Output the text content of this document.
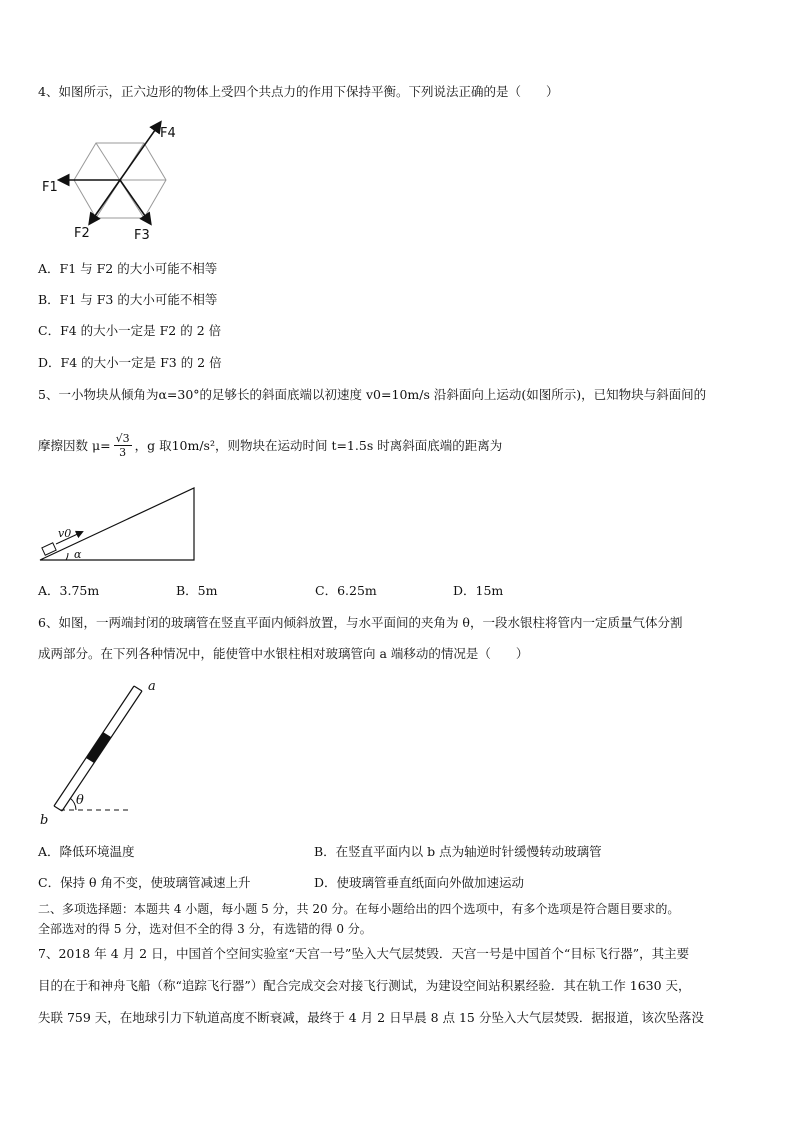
4、如图所示，正六边形的物体上受四个共点力的作用下保持平衡。下列说法正确的是（　　）
F1
F2	F3
F4
A．F1 与 F2 的大小可能不相等
B．F1 与 F3 的大小可能不相等
C．F4 的大小一定是 F2 的 2 倍
D．F4 的大小一定是 F3 的 2 倍
5、一小物块从倾角为α=30°的足够长的斜面底端以初速度 v0=10m/s 沿斜面向上运动(如图所示)，已知物块与斜面间的
摩擦因数 $\mu= \frac{√3}{3}$ ，g 取10m/s²，则物块在运动时间 t=1.5s 时离斜面底端的距离为
v0
α
A．3.75m	B．5m	C．6.25m	D．15m
6、如图，一两端封闭的玻璃管在竖直平面内倾斜放置，与水平面间的夹角为 θ，一段水银柱将管内一定质量气体分割
成两部分。在下列各种情况中，能使管中水银柱相对玻璃管向 a 端移动的情况是（　　）
θ
a
b
A．降低环境温度	B．在竖直平面内以 b 点为轴逆时针缓慢转动玻璃管
C．保持 θ 角不变，使玻璃管减速上升	D．使玻璃管垂直纸面向外做加速运动
二、多项选择题：本题共 4 小题，每小题 5 分，共 20 分。在每小题给出的四个选项中，有多个选项是符合题目要求的。
全部选对的得 5 分，选对但不全的得 3 分，有选错的得 0 分。
7、2018 年 4 月 2 日，中国首个空间实验室“天宫一号”坠入大气层焚毁．天宫一号是中国首个“目标飞行器”，其主要
目的在于和神舟飞船（称“追踪飞行器”）配合完成交会对接飞行测试，为建设空间站积累经验．其在轨工作 1630 天，
失联 759 天，在地球引力下轨道高度不断衰减，最终于 4 月 2 日早晨 8 点 15 分坠入大气层焚毁．据报道，该次坠落没
